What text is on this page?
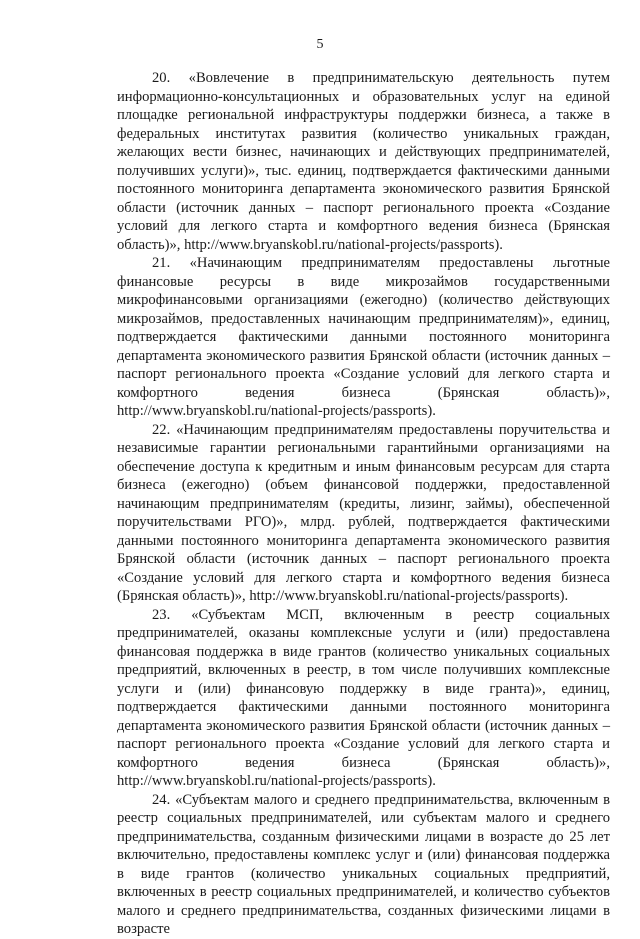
5

20. «Вовлечение в предпринимательскую деятельность путем информационно-консультационных и образовательных услуг на единой площадке региональной инфраструктуры поддержки бизнеса, а также в федеральных институтах развития (количество уникальных граждан, желающих вести бизнес, начинающих и действующих предпринимателей, получивших услуги)», тыс. единиц, подтверждается фактическими данными постоянного мониторинга департамента экономического развития Брянской области (источник данных – паспорт регионального проекта «Создание условий для легкого старта и комфортного ведения бизнеса (Брянская область)», http://www.bryanskobl.ru/national-projects/passports).

21. «Начинающим предпринимателям предоставлены льготные финансовые ресурсы в виде микрозаймов государственными микрофинансовыми организациями (ежегодно) (количество действующих микрозаймов, предоставленных начинающим предпринимателям)», единиц, подтверждается фактическими данными постоянного мониторинга департамента экономического развития Брянской области (источник данных – паспорт регионального проекта «Создание условий для легкого старта и комфортного ведения бизнеса (Брянская область)», http://www.bryanskobl.ru/national-projects/passports).

22. «Начинающим предпринимателям предоставлены поручительства и независимые гарантии региональными гарантийными организациями на обеспечение доступа к кредитным и иным финансовым ресурсам для старта бизнеса (ежегодно) (объем финансовой поддержки, предоставленной начинающим предпринимателям (кредиты, лизинг, займы), обеспеченной поручительствами РГО)», млрд. рублей, подтверждается фактическими данными постоянного мониторинга департамента экономического развития Брянской области (источник данных – паспорт регионального проекта «Создание условий для легкого старта и комфортного ведения бизнеса (Брянская область)», http://www.bryanskobl.ru/national-projects/passports).

23. «Субъектам МСП, включенным в реестр социальных предпринимателей, оказаны комплексные услуги и (или) предоставлена финансовая поддержка в виде грантов (количество уникальных социальных предприятий, включенных в реестр, в том числе получивших комплексные услуги и (или) финансовую поддержку в виде гранта)», единиц, подтверждается фактическими данными постоянного мониторинга департамента экономического развития Брянской области (источник данных – паспорт регионального проекта «Создание условий для легкого старта и комфортного ведения бизнеса (Брянская область)», http://www.bryanskobl.ru/national-projects/passports).

24. «Субъектам малого и среднего предпринимательства, включенным в реестр социальных предпринимателей, или субъектам малого и среднего предпринимательства, созданным физическими лицами в возрасте до 25 лет включительно, предоставлены комплекс услуг и (или) финансовая поддержка в виде грантов (количество уникальных социальных предприятий, включенных в реестр социальных предпринимателей, и количество субъектов малого и среднего предпринимательства, созданных физическими лицами в возрасте
